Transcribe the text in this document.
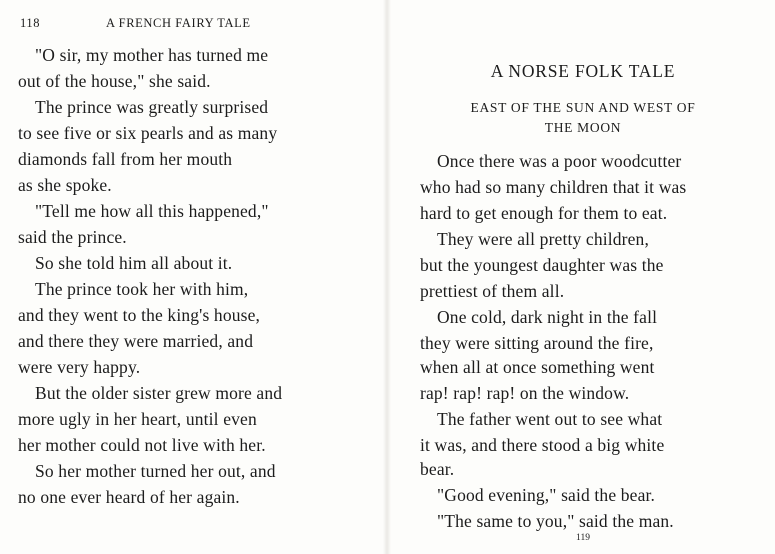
118	A FRENCH FAIRY TALE
"O sir, my mother has turned me
out of the house," she said.
The prince was greatly surprised
to see five or six pearls and as many
diamonds fall from her mouth
as she spoke.
"Tell me how all this happened,"
said the prince.
So she told him all about it.
The prince took her with him,
and they went to the king's house,
and there they were married, and
were very happy.
But the older sister grew more and
more ugly in her heart, until even
her mother could not live with her.
So her mother turned her out, and
no one ever heard of her again.
A NORSE FOLK TALE
EAST OF THE SUN AND WEST OF
THE MOON
Once there was a poor woodcutter
who had so many children that it was
hard to get enough for them to eat.
They were all pretty children,
but the youngest daughter was the
prettiest of them all.
One cold, dark night in the fall
they were sitting around the fire,
when all at once something went
rap! rap! rap! on the window.
The father went out to see what
it was, and there stood a big white
bear.
"Good evening," said the bear.
"The same to you," said the man.
119
